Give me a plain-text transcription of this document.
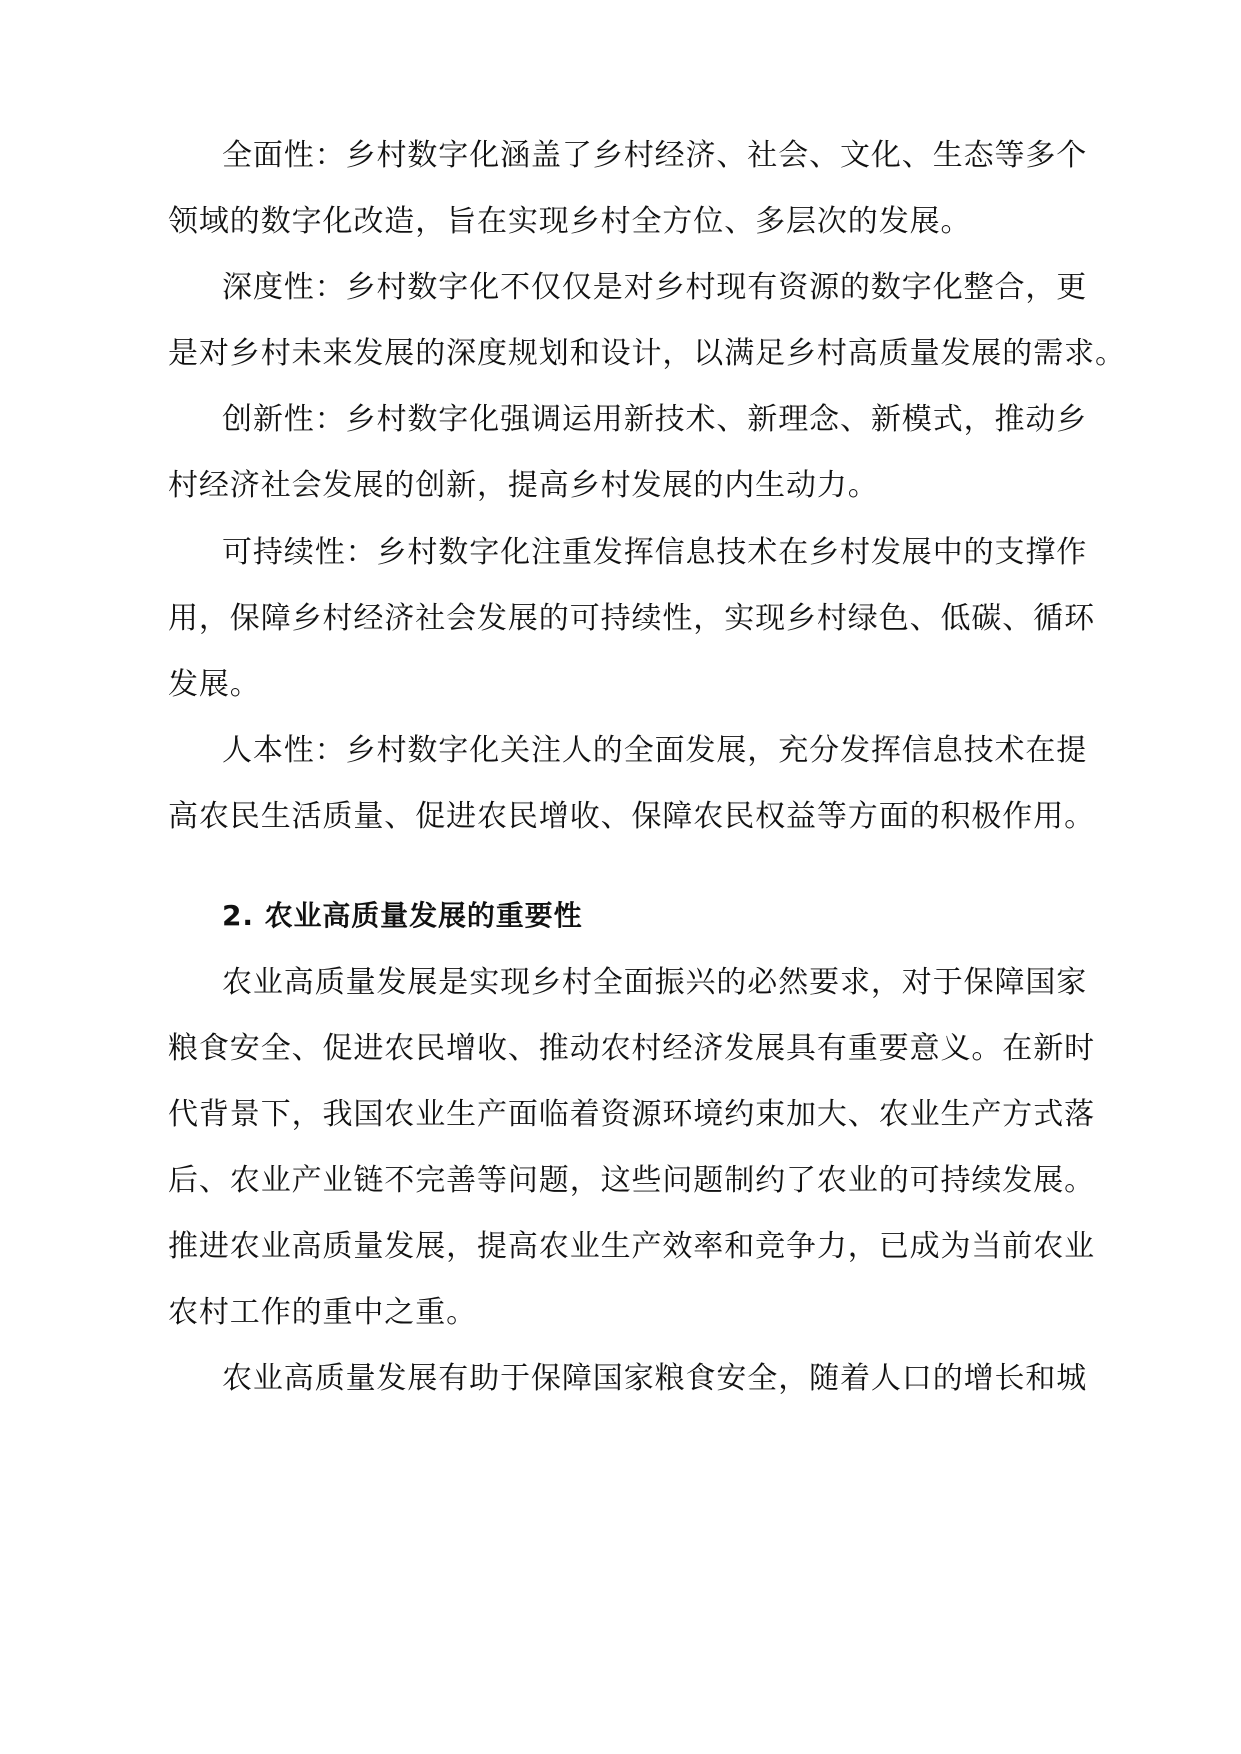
全面性：乡村数字化涵盖了乡村经济、社会、文化、生态等多个
领域的数字化改造，旨在实现乡村全方位、多层次的发展。
深度性：乡村数字化不仅仅是对乡村现有资源的数字化整合，更
是对乡村未来发展的深度规划和设计，以满足乡村高质量发展的需求。
创新性：乡村数字化强调运用新技术、新理念、新模式，推动乡
村经济社会发展的创新，提高乡村发展的内生动力。
可持续性：乡村数字化注重发挥信息技术在乡村发展中的支撑作
用，保障乡村经济社会发展的可持续性，实现乡村绿色、低碳、循环
发展。
人本性：乡村数字化关注人的全面发展，充分发挥信息技术在提
高农民生活质量、促进农民增收、保障农民权益等方面的积极作用。
2. 农业高质量发展的重要性
农业高质量发展是实现乡村全面振兴的必然要求，对于保障国家
粮食安全、促进农民增收、推动农村经济发展具有重要意义。在新时
代背景下，我国农业生产面临着资源环境约束加大、农业生产方式落
后、农业产业链不完善等问题，这些问题制约了农业的可持续发展。
推进农业高质量发展，提高农业生产效率和竞争力，已成为当前农业
农村工作的重中之重。
农业高质量发展有助于保障国家粮食安全，随着人口的增长和城
